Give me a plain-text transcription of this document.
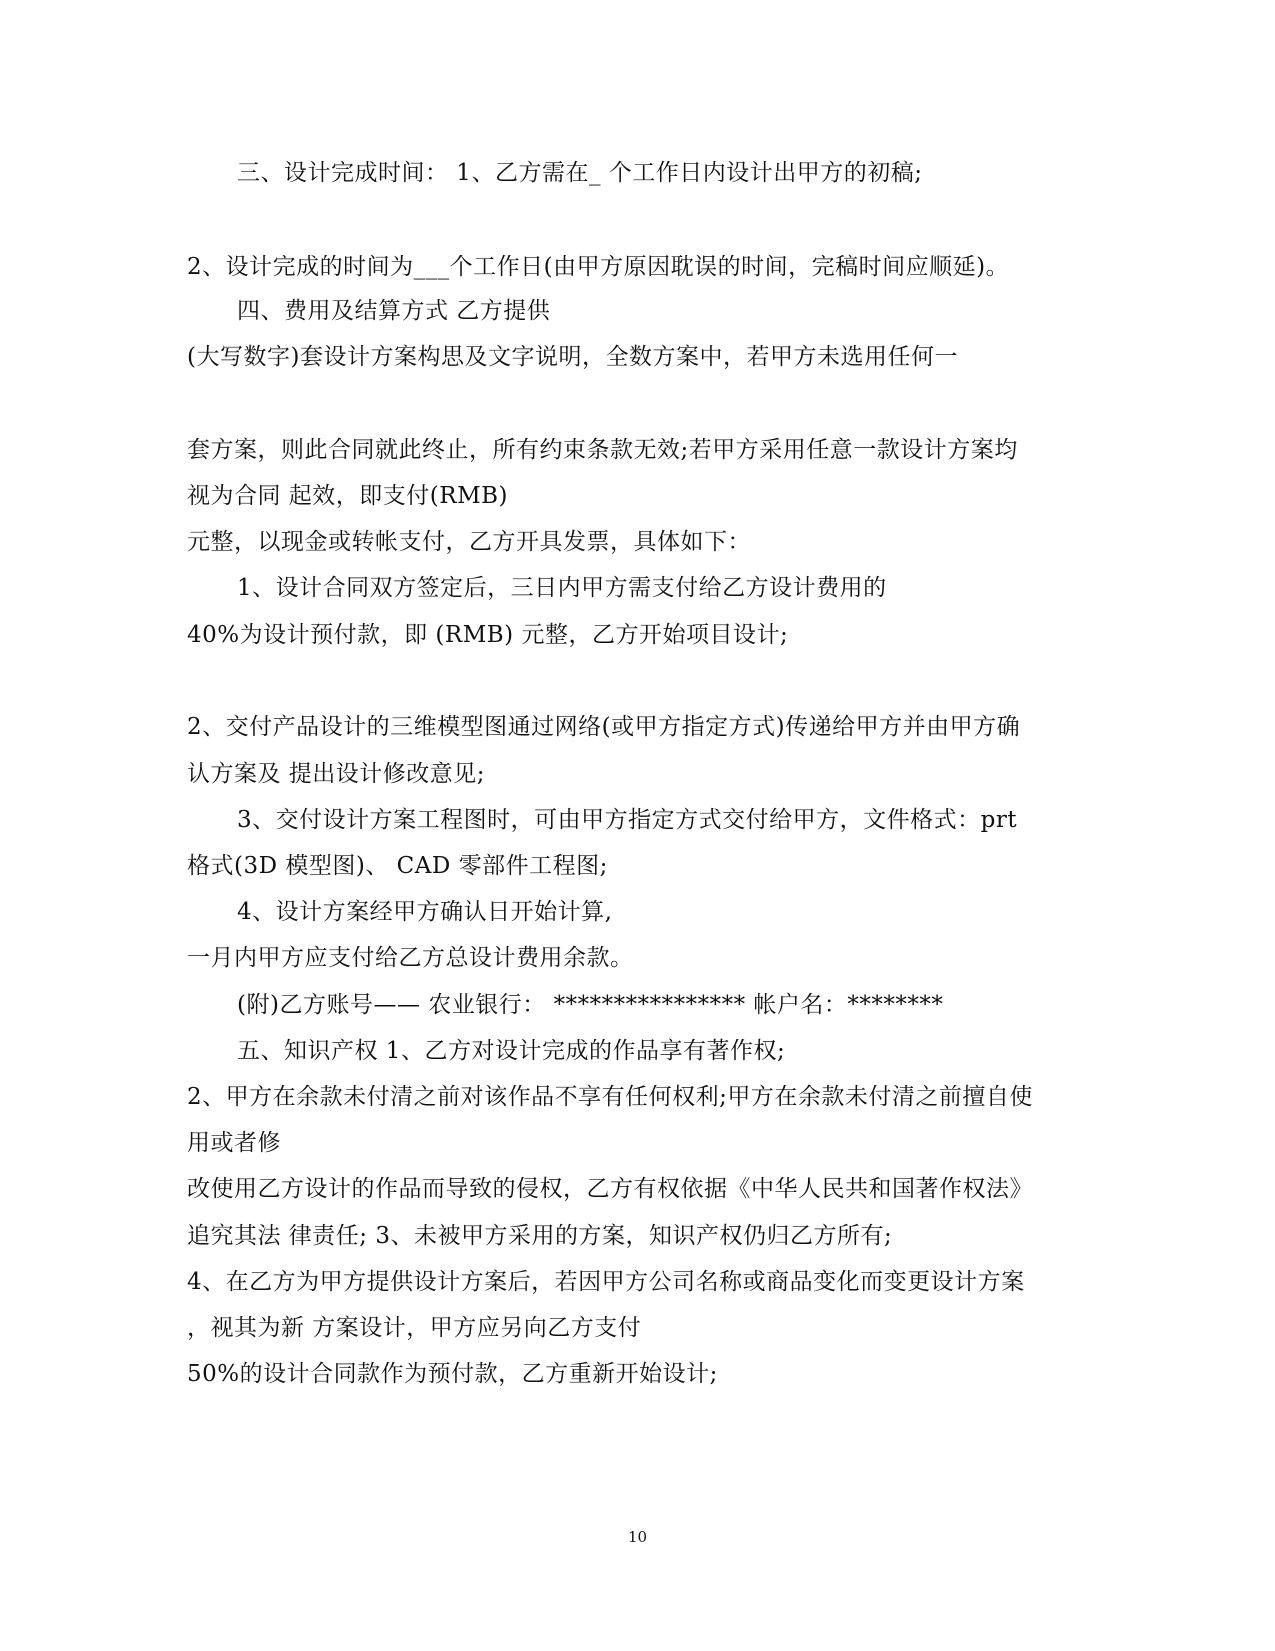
三、设计完成时间： 1、乙方需在_ 个工作日内设计出甲方的初稿;
2、设计完成的时间为___个工作日(由甲方原因耽误的时间，完稿时间应顺延)。
四、费用及结算方式 乙方提供
(大写数字)套设计方案构思及文字说明，全数方案中，若甲方未选用任何一
套方案，则此合同就此终止，所有约束条款无效;若甲方采用任意一款设计方案均
视为合同 起效，即支付(RMB)
元整，以现金或转帐支付，乙方开具发票，具体如下：
1、设计合同双方签定后，三日内甲方需支付给乙方设计费用的
40%为设计预付款，即 (RMB) 元整，乙方开始项目设计;
2、交付产品设计的三维模型图通过网络(或甲方指定方式)传递给甲方并由甲方确
认方案及 提出设计修改意见;
3、交付设计方案工程图时，可由甲方指定方式交付给甲方，文件格式：prt
格式(3D 模型图)、 CAD 零部件工程图;
4、设计方案经甲方确认日开始计算,
一月内甲方应支付给乙方总设计费用余款。
(附)乙方账号—— 农业银行： **************** 帐户名：********
五、知识产权 1、乙方对设计完成的作品享有著作权;
2、甲方在余款未付清之前对该作品不享有任何权利;甲方在余款未付清之前擅自使
用或者修
改使用乙方设计的作品而导致的侵权，乙方有权依据《中华人民共和国著作权法》
追究其法 律责任; 3、未被甲方采用的方案，知识产权仍归乙方所有;
4、在乙方为甲方提供设计方案后，若因甲方公司名称或商品变化而变更设计方案
，视其为新 方案设计，甲方应另向乙方支付
50%的设计合同款作为预付款，乙方重新开始设计;
10
